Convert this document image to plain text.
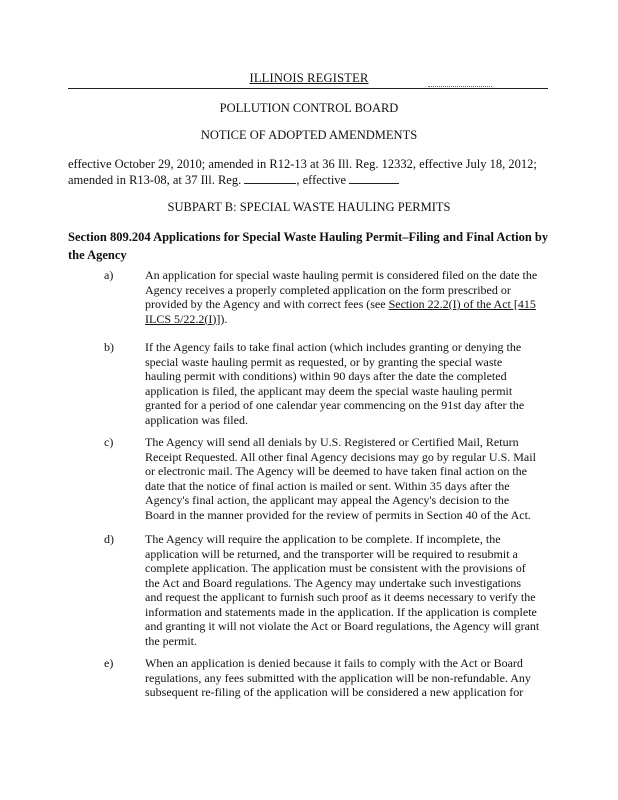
ILLINOIS REGISTER
POLLUTION CONTROL BOARD
NOTICE OF ADOPTED AMENDMENTS
effective October 29, 2010; amended in R12-13 at 36 Ill. Reg. 12332, effective July 18, 2012;
amended in R13-08, at 37 Ill. Reg.	, effective
SUBPART B: SPECIAL WASTE HAULING PERMITS
Section 809.204 Applications for Special Waste Hauling Permit–Filing and Final Action by the Agency
a)	An application for special waste hauling permit is considered filed on the date the
Agency receives a properly completed application on the form prescribed or
provided by the Agency and with correct fees (see Section 22.2(I) of the Act [415
ILCS 5/22.2(I)]).
b)	If the Agency fails to take final action (which includes granting or denying the
special waste hauling permit as requested, or by granting the special waste
hauling permit with conditions) within 90 days after the date the completed
application is filed, the applicant may deem the special waste hauling permit
granted for a period of one calendar year commencing on the 91st day after the
application was filed.
c)	The Agency will send all denials by U.S. Registered or Certified Mail, Return
Receipt Requested. All other final Agency decisions may go by regular U.S. Mail
or electronic mail. The Agency will be deemed to have taken final action on the
date that the notice of final action is mailed or sent. Within 35 days after the
Agency's final action, the applicant may appeal the Agency's decision to the
Board in the manner provided for the review of permits in Section 40 of the Act.
d)	The Agency will require the application to be complete. If incomplete, the
application will be returned, and the transporter will be required to resubmit a
complete application. The application must be consistent with the provisions of
the Act and Board regulations. The Agency may undertake such investigations
and request the applicant to furnish such proof as it deems necessary to verify the
information and statements made in the application. If the application is complete
and granting it will not violate the Act or Board regulations, the Agency will grant
the permit.
e)	When an application is denied because it fails to comply with the Act or Board
regulations, any fees submitted with the application will be non-refundable. Any
subsequent re-filing of the application will be considered a new application for
